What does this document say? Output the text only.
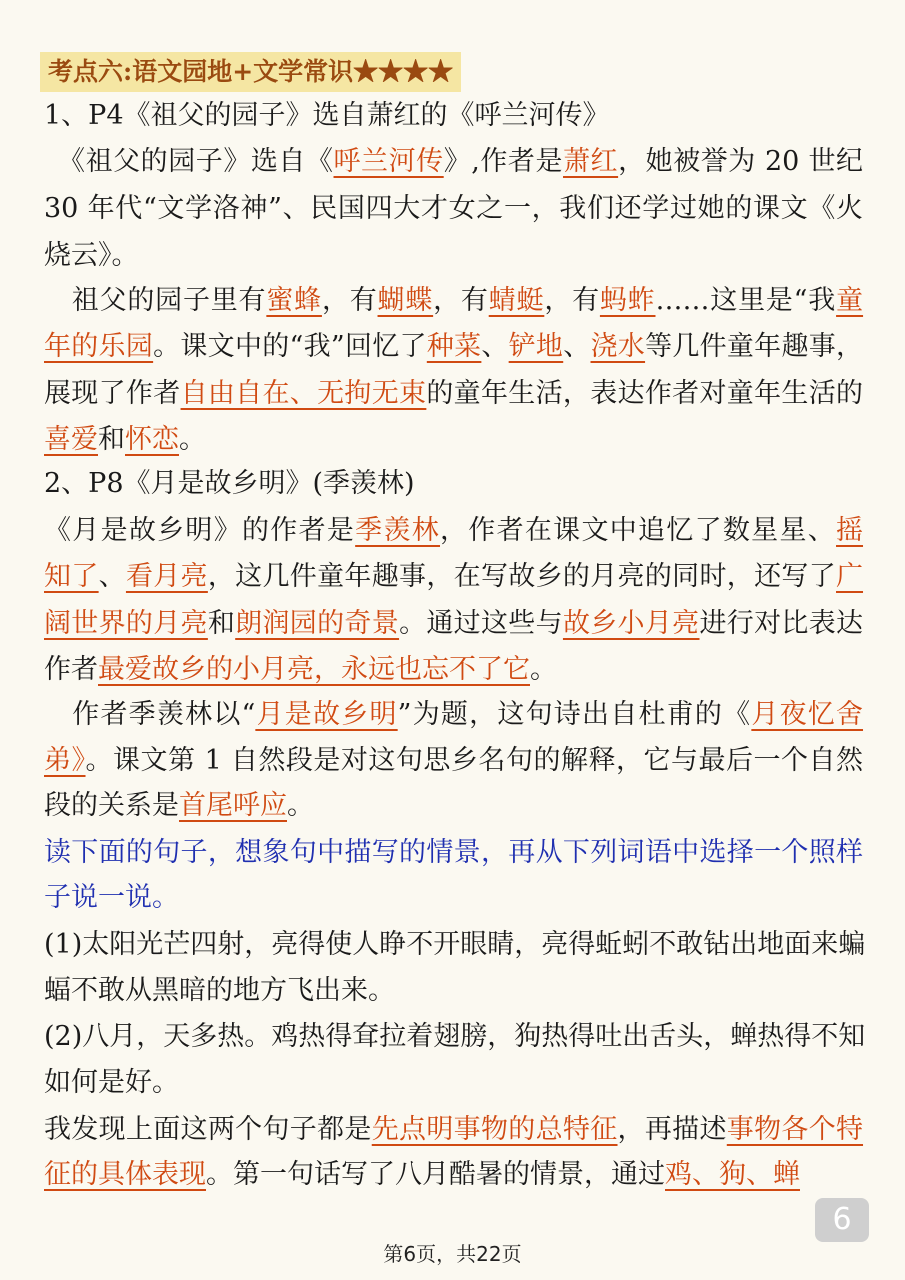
考点六:语文园地+文学常识★★★★
1、P4《祖父的园子》选自萧红的《呼兰河传》
　《祖父的园子》选自《呼兰河传》,作者是萧红，她被誉为 20 世纪
30 年代“文学洛神”、民国四大才女之一，我们还学过她的课文《火
烧云》。
　祖父的园子里有蜜蜂，有蝴蝶，有蜻蜓，有蚂蚱……这里是“我童
年的乐园。课文中的“我”回忆了种菜、铲地、浇水等几件童年趣事，
展现了作者自由自在、无拘无束的童年生活，表达作者对童年生活的
喜爱和怀恋。
2、P8《月是故乡明》(季羡林)
《月是故乡明》的作者是季羡林，作者在课文中追忆了数星星、摇
知了、看月亮，这几件童年趣事，在写故乡的月亮的同时，还写了广
阔世界的月亮和朗润园的奇景。通过这些与故乡小月亮进行对比表达
作者最爱故乡的小月亮，永远也忘不了它。
　作者季羡林以“月是故乡明”为题，这句诗出自杜甫的《月夜忆舍
弟》。课文第 1 自然段是对这句思乡名句的解释，它与最后一个自然
段的关系是首尾呼应。
读下面的句子，想象句中描写的情景，再从下列词语中选择一个照样
子说一说。
(1)太阳光芒四射，亮得使人睁不开眼睛，亮得蚯蚓不敢钻出地面来蝙
蝠不敢从黑暗的地方飞出来。
(2)八月，天多热。鸡热得耷拉着翅膀，狗热得吐出舌头，蝉热得不知
如何是好。
我发现上面这两个句子都是先点明事物的总特征，再描述事物各个特
征的具体表现。第一句话写了八月酷暑的情景，通过鸡、狗、蝉
6
第6页，共22页
